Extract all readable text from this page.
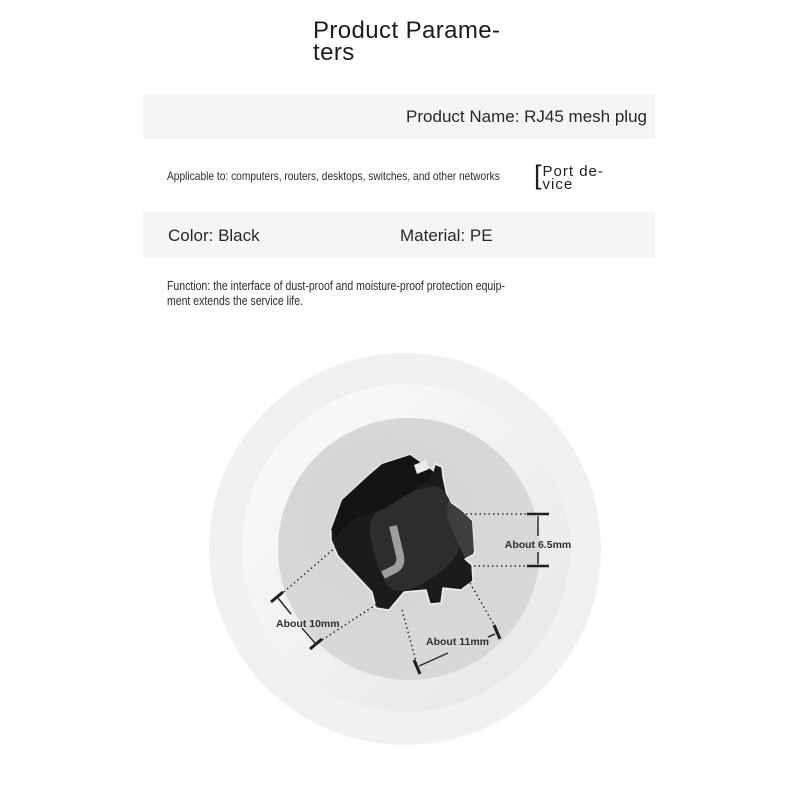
Product Parame-
ters
Product Name: RJ45 mesh plug
Applicable to: computers, routers, desktops, switches, and other networks [ Port de-
vice
Color: Black	Material: PE
Function: the interface of dust-proof and moisture-proof protection equip-
ment extends the service life.
About 6.5mm
About 10mm
About 11mm
